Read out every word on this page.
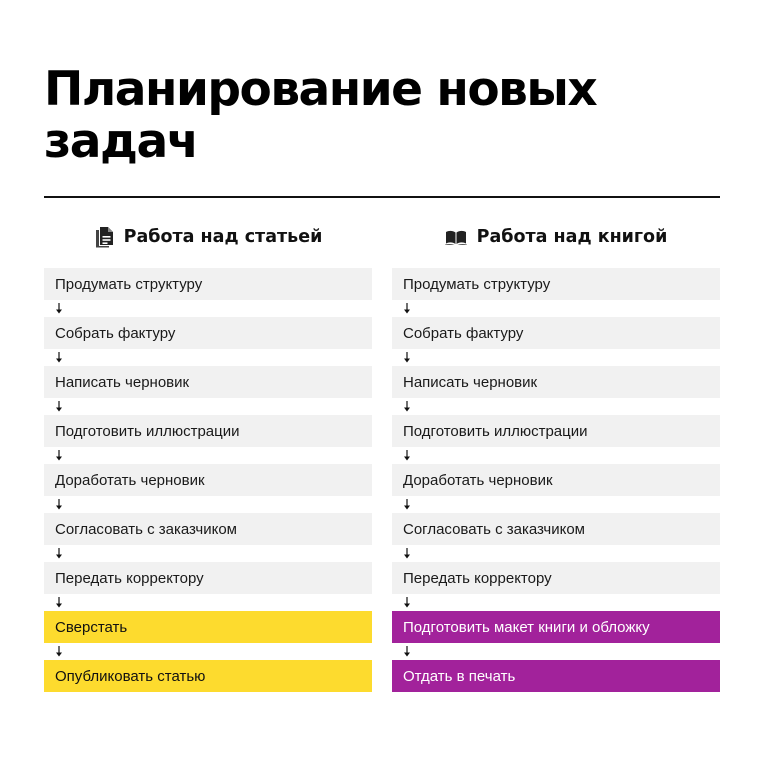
Планирование новых задач
Работа над статьей
Продумать структуру
Собрать фактуру
Написать черновик
Подготовить иллюстрации
Доработать черновик
Согласовать с заказчиком
Передать корректору
Сверстать
Опубликовать статью
Работа над книгой
Продумать структуру
Собрать фактуру
Написать черновик
Подготовить иллюстрации
Доработать черновик
Согласовать с заказчиком
Передать корректору
Подготовить макет книги и обложку
Отдать в печать
